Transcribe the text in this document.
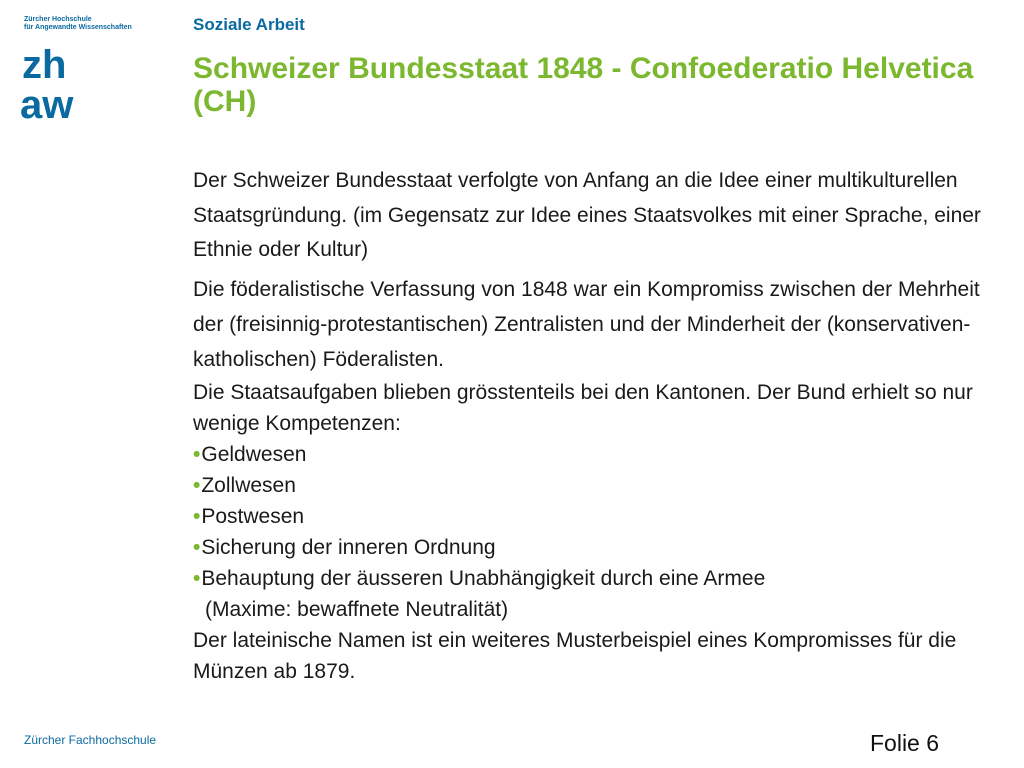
Zürcher Hochschule
für Angewandte Wissenschaften
zh
aw
Soziale Arbeit
Schweizer Bundesstaat 1848 - Confoederatio Helvetica (CH)

Der Schweizer Bundesstaat verfolgte von Anfang an die Idee einer multikulturellen Staatsgründung. (im Gegensatz zur Idee eines Staatsvolkes mit einer Sprache, einer Ethnie oder Kultur)

Die föderalistische Verfassung von 1848 war ein Kompromiss zwischen der Mehrheit der (freisinnig-protestantischen) Zentralisten und der Minderheit der (konservativen-katholischen) Föderalisten.

Die Staatsaufgaben blieben grösstenteils bei den Kantonen. Der Bund erhielt so nur wenige Kompetenzen:

•Geldwesen
•Zollwesen
•Postwesen
•Sicherung der inneren Ordnung
•Behauptung der äusseren Unabhängigkeit durch eine Armee
(Maxime: bewaffnete Neutralität)

Der lateinische Namen ist ein weiteres Musterbeispiel eines Kompromisses für die Münzen ab 1879.

Zürcher Fachhochschule	Folie 6
